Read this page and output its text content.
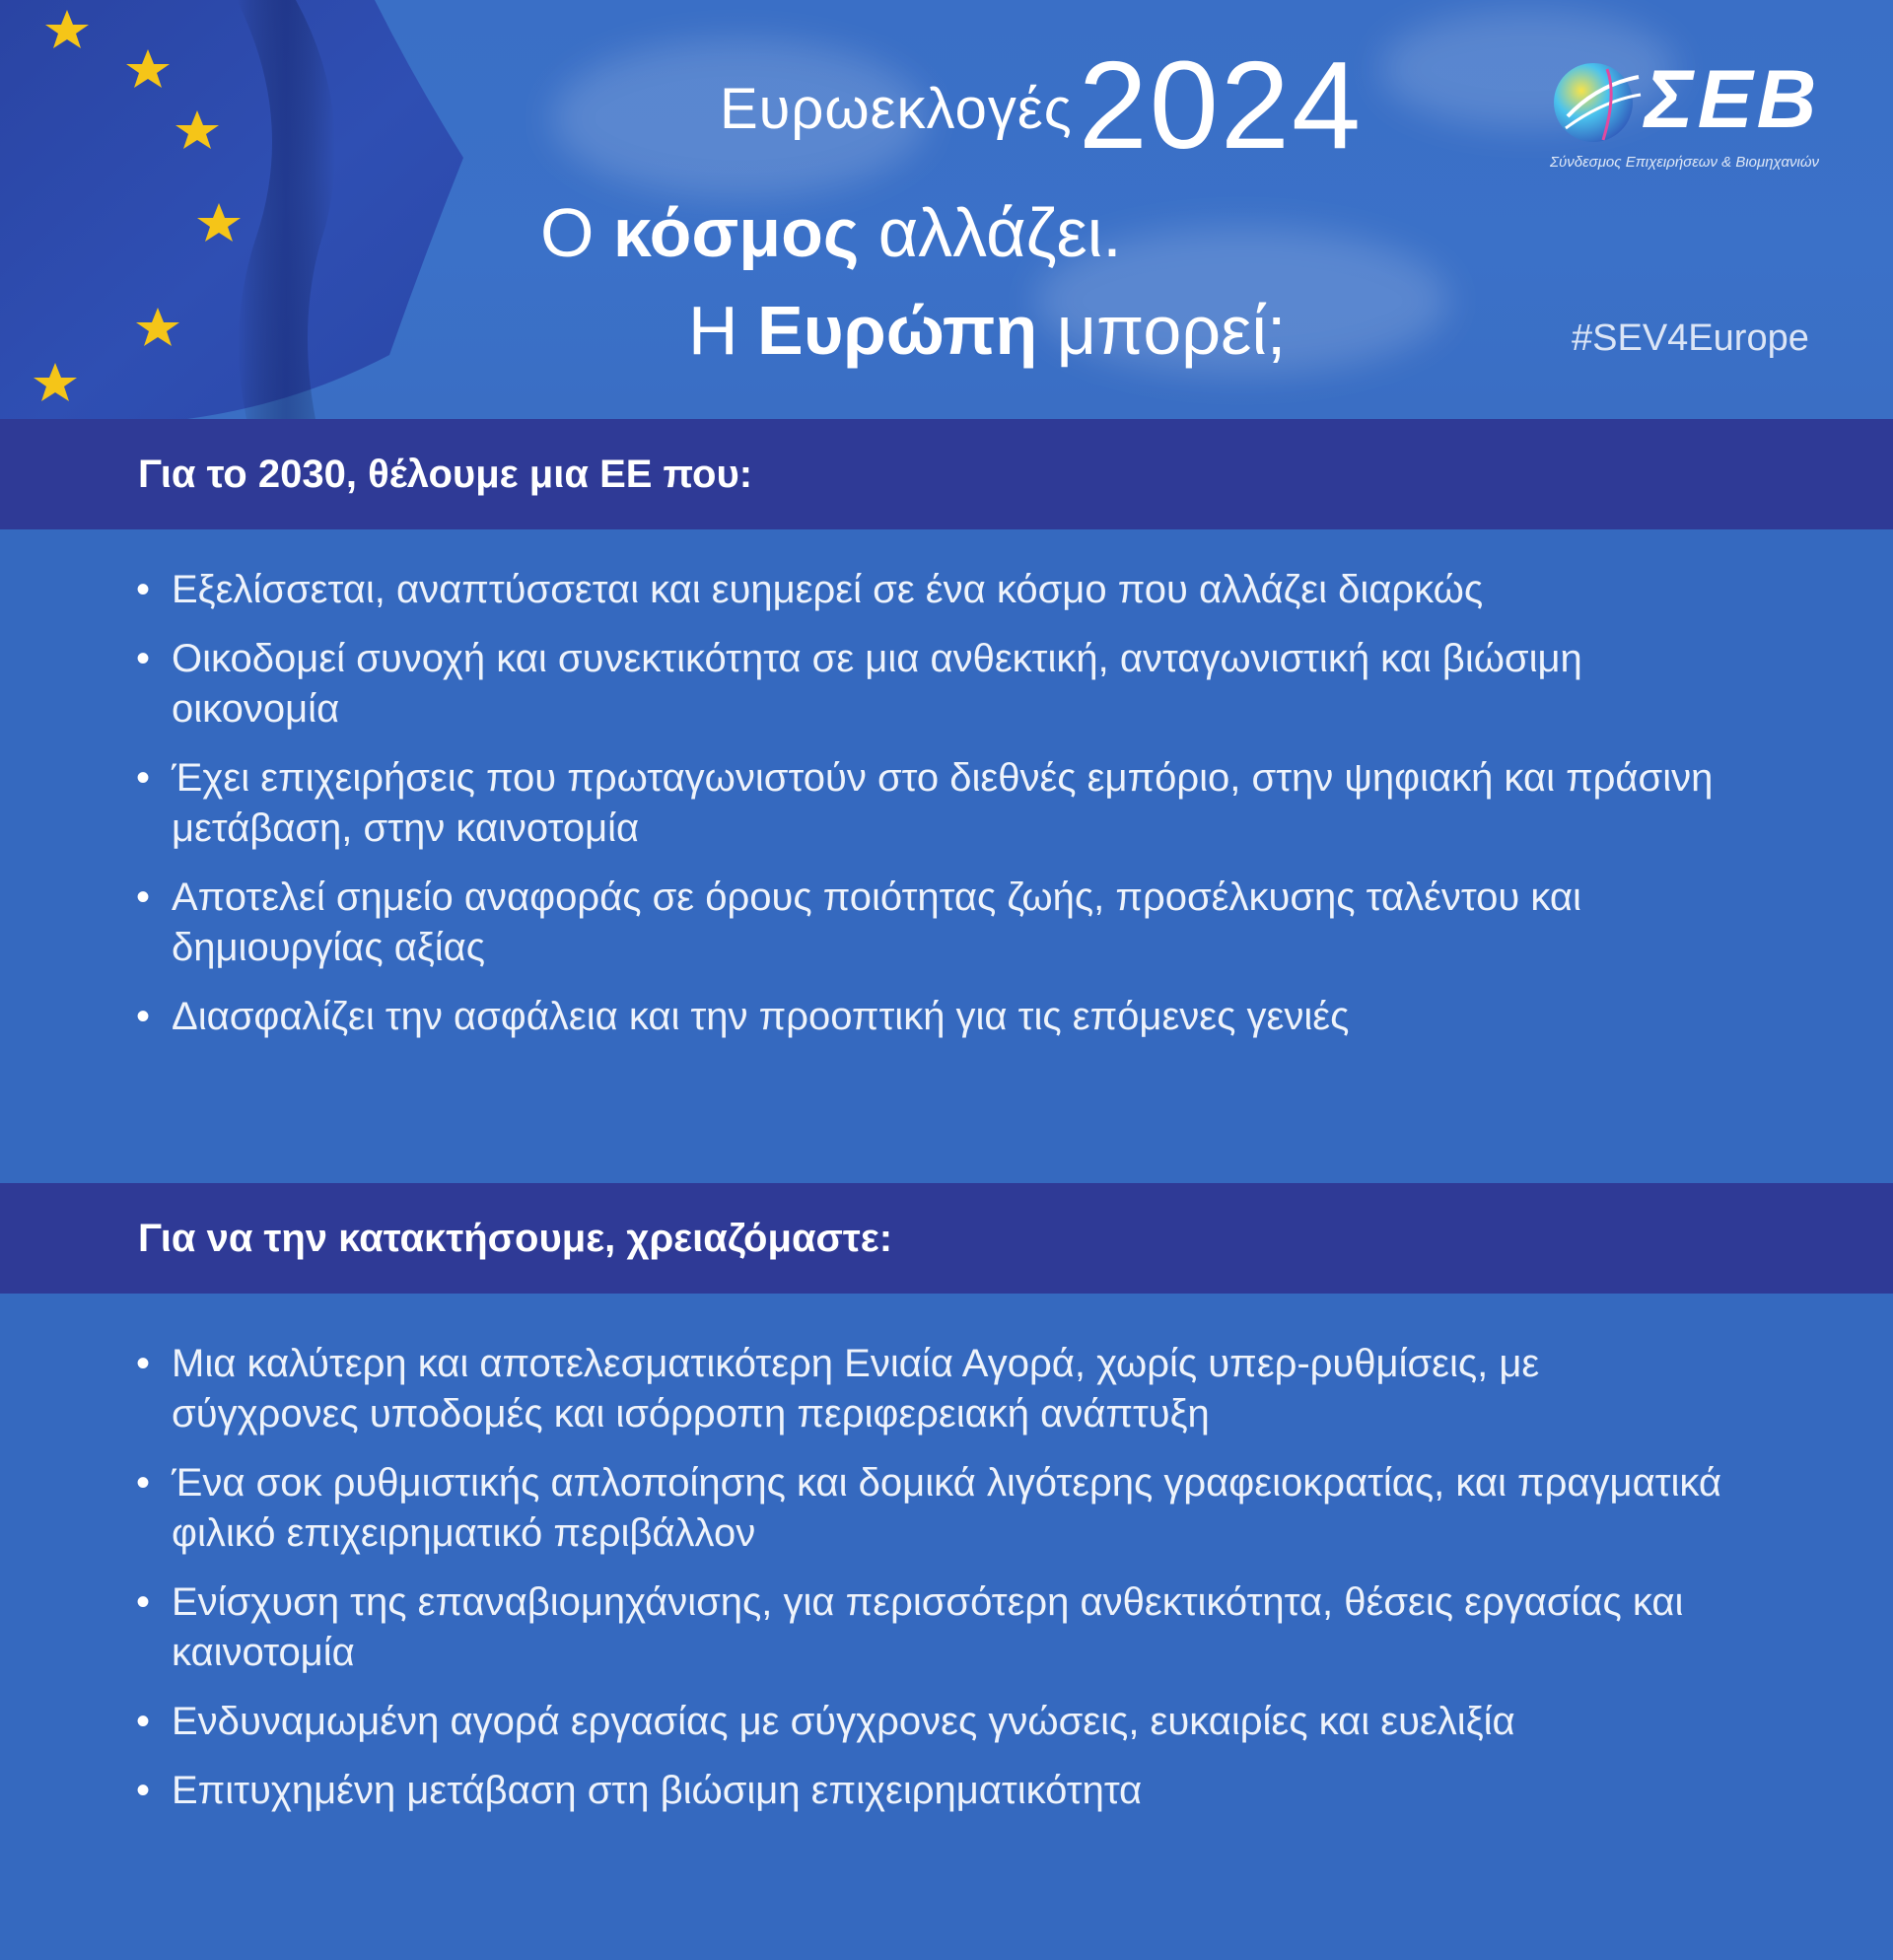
Ευρωεκλογές 2024
Ο κόσμος αλλάζει.
Η Ευρώπη μπορεί;
ΣΕΒ
Σύνδεσμος Επιχειρήσεων & Βιομηχανιών
#SEV4Europe
Για το 2030, θέλουμε μια ΕΕ που:
• Εξελίσσεται, αναπτύσσεται και ευημερεί σε ένα κόσμο που αλλάζει διαρκώς
• Οικοδομεί συνοχή και συνεκτικότητα σε μια ανθεκτική, ανταγωνιστική και βιώσιμη οικονομία
• Έχει επιχειρήσεις που πρωταγωνιστούν στο διεθνές εμπόριο, στην ψηφιακή και πράσινη μετάβαση, στην καινοτομία
• Αποτελεί σημείο αναφοράς σε όρους ποιότητας ζωής, προσέλκυσης ταλέντου και δημιουργίας αξίας
• Διασφαλίζει την ασφάλεια και την προοπτική για τις επόμενες γενιές
Για να την κατακτήσουμε, χρειαζόμαστε:
• Μια καλύτερη και αποτελεσματικότερη Ενιαία Αγορά, χωρίς υπερ-ρυθμίσεις, με σύγχρονες υποδομές και ισόρροπη περιφερειακή ανάπτυξη
• Ένα σοκ ρυθμιστικής απλοποίησης και δομικά λιγότερης γραφειοκρατίας, και πραγματικά φιλικό επιχειρηματικό περιβάλλον
• Ενίσχυση της επαναβιομηχάνισης, για περισσότερη ανθεκτικότητα, θέσεις εργασίας και καινοτομία
• Ενδυναμωμένη αγορά εργασίας με σύγχρονες γνώσεις, ευκαιρίες και ευελιξία
• Επιτυχημένη μετάβαση στη βιώσιμη επιχειρηματικότητα
